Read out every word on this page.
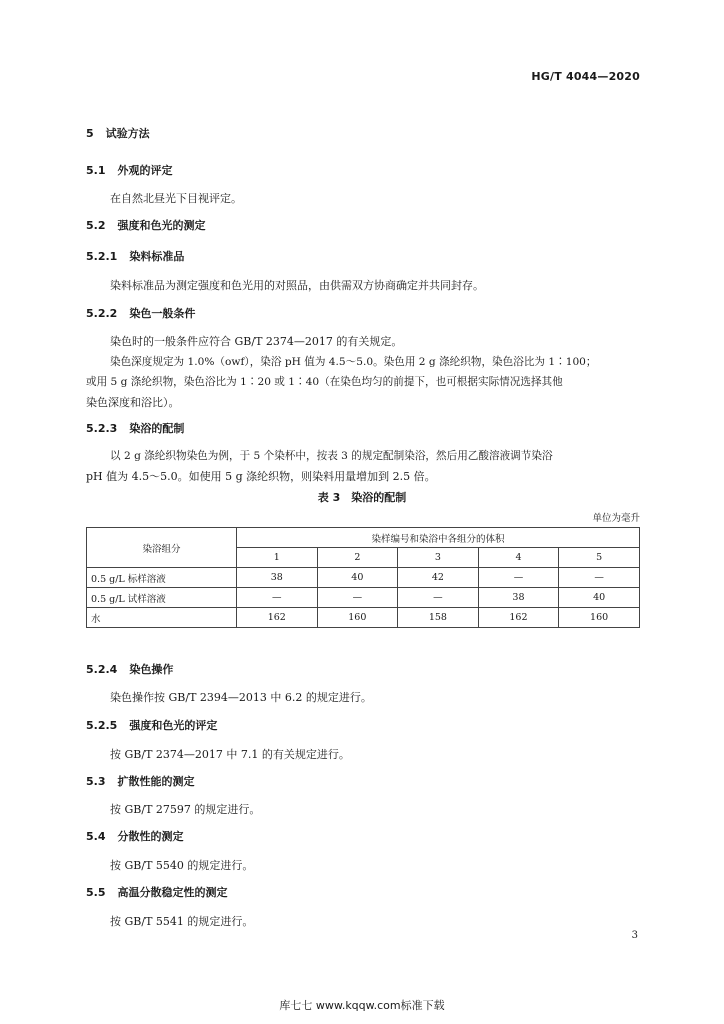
HG/T 4044—2020
5 试验方法
5.1 外观的评定
在自然北昼光下目视评定。
5.2 强度和色光的测定
5.2.1 染料标准品
染料标准品为测定强度和色光用的对照品，由供需双方协商确定并共同封存。
5.2.2 染色一般条件
染色时的一般条件应符合 GB/T 2374—2017 的有关规定。
染色深度规定为 1.0%（owf），染浴 pH 值为 4.5～5.0。染色用 2 g 涤纶织物，染色浴比为 1∶100；
或用 5 g 涤纶织物，染色浴比为 1∶20 或 1∶40（在染色均匀的前提下，也可根据实际情况选择其他
染色深度和浴比）。
5.2.3 染浴的配制
以 2 g 涤纶织物染色为例，于 5 个染杯中，按表 3 的规定配制染浴，然后用乙酸溶液调节染浴
pH 值为 4.5～5.0。如使用 5 g 涤纶织物，则染料用量增加到 2.5 倍。
表 3　染浴的配制
单位为毫升
染浴组分	染样编号和染浴中各组分的体积				
	1	2	3	4	5
0.5 g/L 标样溶液	38	40	42	—	—
0.5 g/L 试样溶液	—	—	—	38	40
水	162	160	158	162	160
5.2.4 染色操作
染色操作按 GB/T 2394—2013 中 6.2 的规定进行。
5.2.5 强度和色光的评定
按 GB/T 2374—2017 中 7.1 的有关规定进行。
5.3 扩散性能的测定
按 GB/T 27597 的规定进行。
5.4 分散性的测定
按 GB/T 5540 的规定进行。
5.5 高温分散稳定性的测定
按 GB/T 5541 的规定进行。
3
库七七 www.kqqw.com标准下载
